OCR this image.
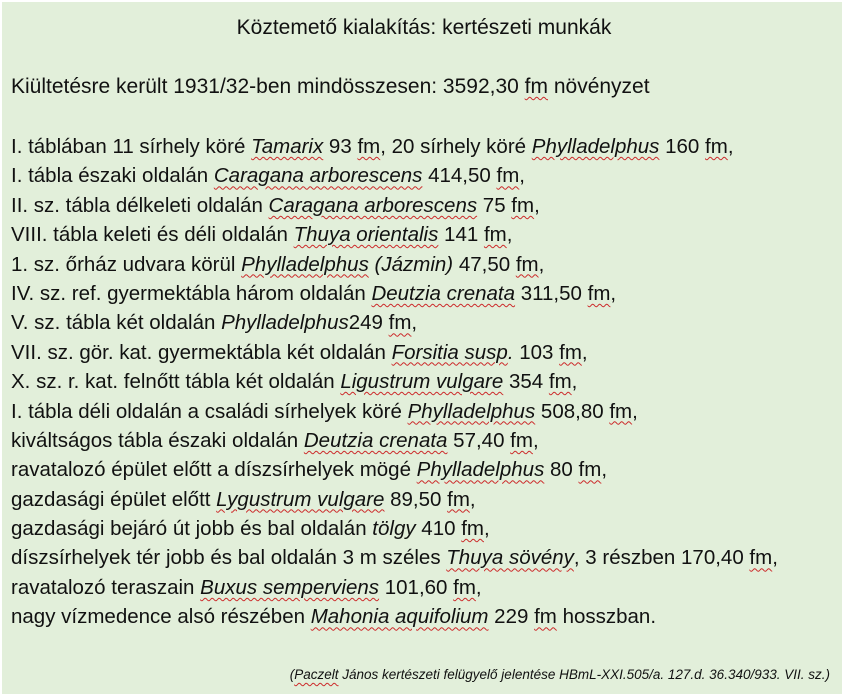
Köztemető kialakítás: kertészeti munkák
Kiültetésre került 1931/32-ben mindösszesen: 3592,30 fm növényzet
I. táblában 11 sírhely köré Tamarix 93 fm, 20 sírhely köré Phylladelphus 160 fm,
I. tábla északi oldalán Caragana arborescens 414,50 fm,
II. sz. tábla délkeleti oldalán Caragana arborescens 75 fm,
VIII. tábla keleti és déli oldalán Thuya orientalis 141 fm,
1. sz. őrház udvara körül Phylladelphus (Jázmin) 47,50 fm,
IV. sz. ref. gyermektábla három oldalán Deutzia crenata 311,50 fm,
V. sz. tábla két oldalán Phylladelphus249 fm,
VII. sz. gör. kat. gyermektábla két oldalán Forsitia susp. 103 fm,
X. sz. r. kat. felnőtt tábla két oldalán Ligustrum vulgare 354 fm,
I. tábla déli oldalán a családi sírhelyek köré Phylladelphus 508,80 fm,
kiváltságos tábla északi oldalán Deutzia crenata 57,40 fm,
ravatalozó épület előtt a díszsírhelyek mögé Phylladelphus 80 fm,
gazdasági épület előtt Lygustrum vulgare 89,50 fm,
gazdasági bejáró út jobb és bal oldalán tölgy 410 fm,
díszsírhelyek tér jobb és bal oldalán 3 m széles Thuya sövény, 3 részben 170,40 fm,
ravatalozó teraszain Buxus semperviens 101,60 fm,
nagy vízmedence alsó részében Mahonia aquifolium 229 fm hosszban.
(Paczelt János kertészeti felügyelő jelentése HBmL-XXI.505/a. 127.d. 36.340/933. VII. sz.)
